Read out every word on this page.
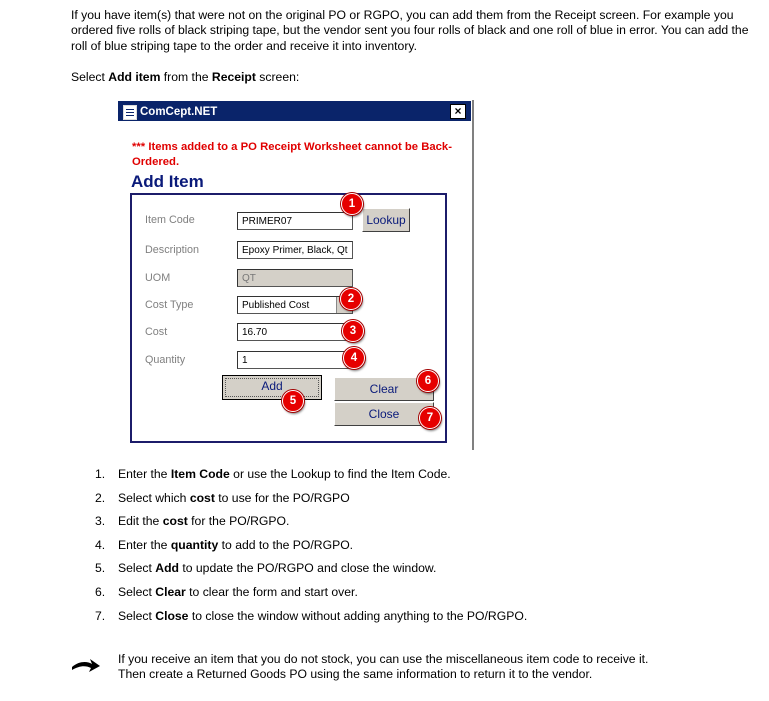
If you have item(s) that were not on the original PO or RGPO, you can add them from the Receipt screen. For example you ordered five rolls of black striping tape, but the vendor sent you four rolls of black and one roll of blue in error. You can add the roll of blue striping tape to the order and receive it into inventory.
Select Add item from the Receipt screen:
ComCept.NET	×
*** Items added to a PO Receipt Worksheet cannot be Back-Ordered.
Add Item
Item Code	PRIMER07	Lookup
Description	Epoxy Primer, Black, Qt
UOM	QT
Cost Type	Published Cost
Cost	16.70
Quantity	1
Add	Clear
Close
1
2
3
4
5
6
7
1. Enter the Item Code or use the Lookup to find the Item Code.
2. Select which cost to use for the PO/RGPO
3. Edit the cost for the PO/RGPO.
4. Enter the quantity to add to the PO/RGPO.
5. Select Add to update the PO/RGPO and close the window.
6. Select Clear to clear the form and start over.
7. Select Close to close the window without adding anything to the PO/RGPO.
If you receive an item that you do not stock, you can use the miscellaneous item code to receive it.
Then create a Returned Goods PO using the same information to return it to the vendor.
